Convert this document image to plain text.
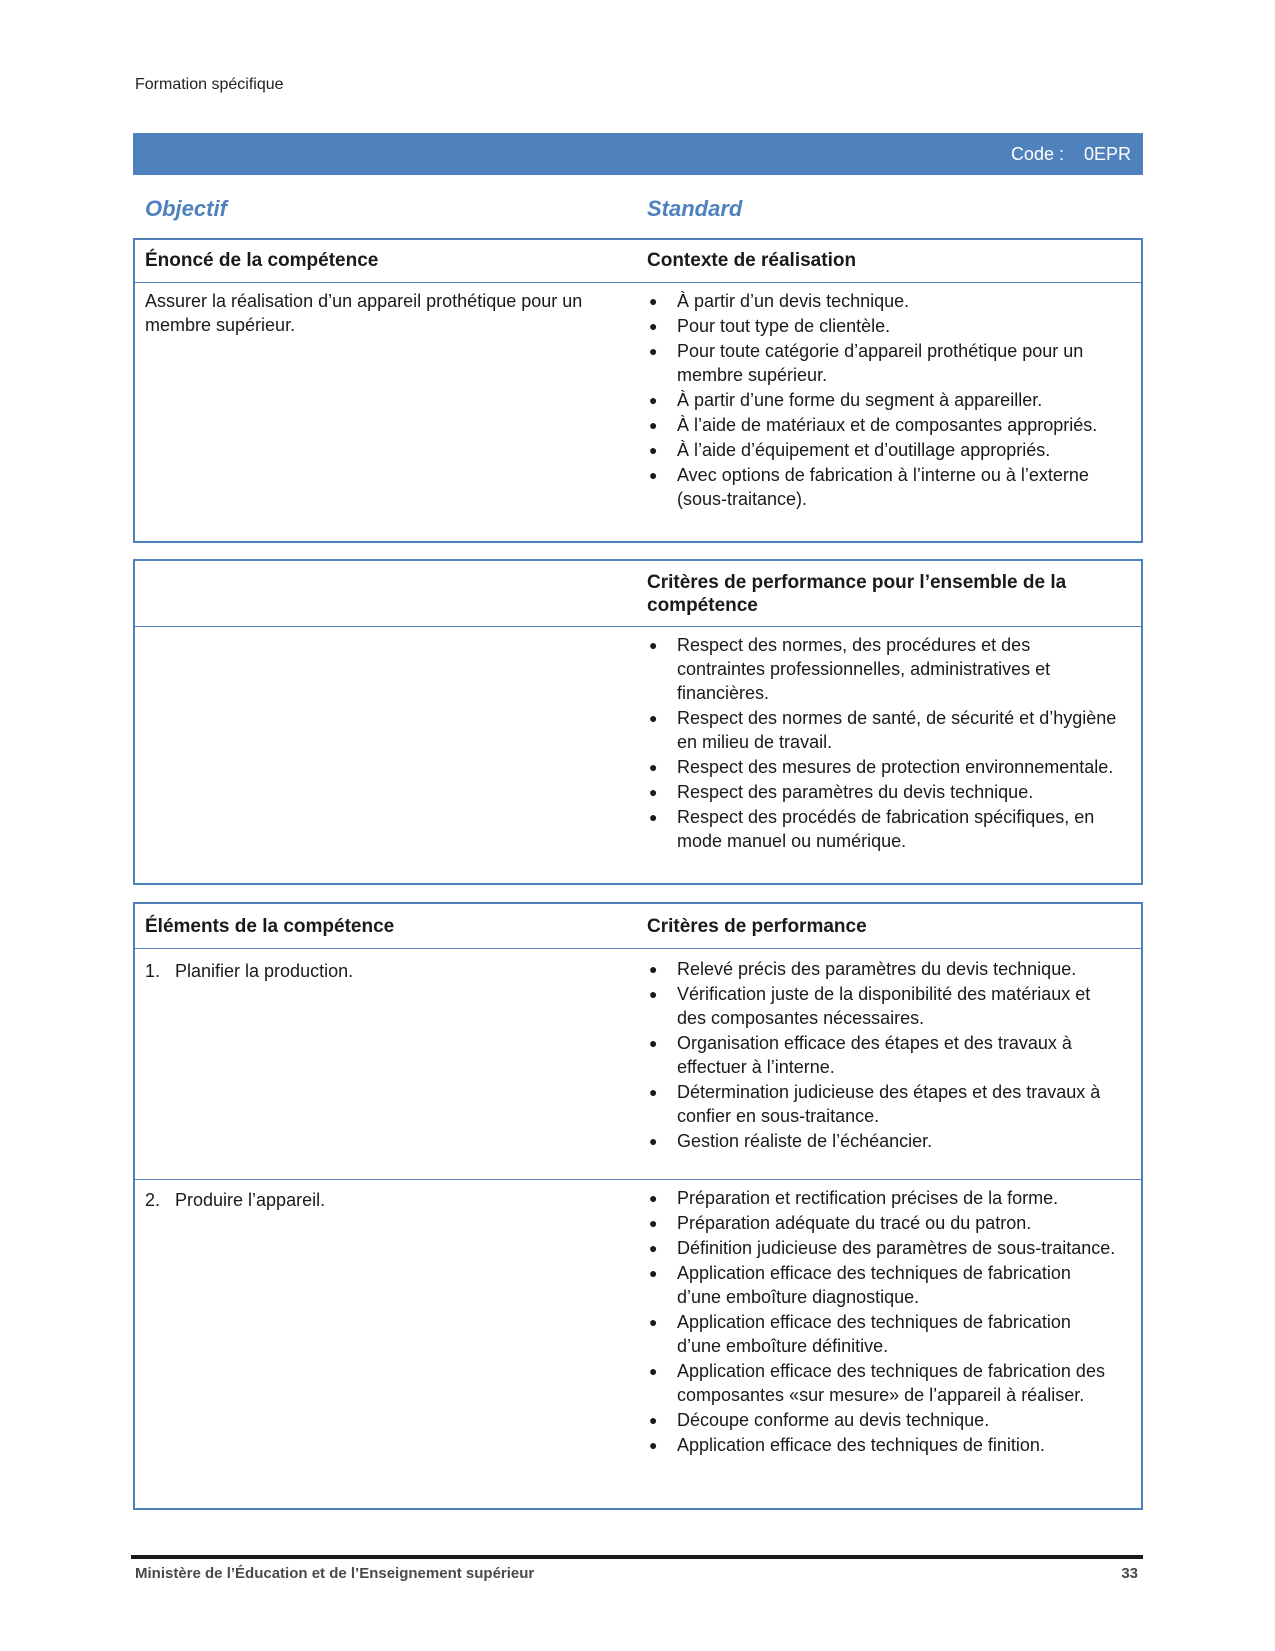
Formation spécifique
Code :    0EPR
Objectif	Standard
Énoncé de la compétence	Contexte de réalisation
Assurer la réalisation d’un appareil prothétique pour un membre supérieur.
● À partir d’un devis technique.
● Pour tout type de clientèle.
● Pour toute catégorie d’appareil prothétique pour un membre supérieur.
● À partir d’une forme du segment à appareiller.
● À l’aide de matériaux et de composantes appropriés.
● À l’aide d’équipement et d’outillage appropriés.
● Avec options de fabrication à l’interne ou à l’externe (sous-traitance).
Critères de performance pour l’ensemble de la compétence
● Respect des normes, des procédures et des contraintes professionnelles, administratives et financières.
● Respect des normes de santé, de sécurité et d’hygiène en milieu de travail.
● Respect des mesures de protection environnementale.
● Respect des paramètres du devis technique.
● Respect des procédés de fabrication spécifiques, en mode manuel ou numérique.
Éléments de la compétence	Critères de performance
1. Planifier la production.	● Relevé précis des paramètres du devis technique.
● Vérification juste de la disponibilité des matériaux et des composantes nécessaires.
● Organisation efficace des étapes et des travaux à effectuer à l’interne.
● Détermination judicieuse des étapes et des travaux à confier en sous-traitance.
● Gestion réaliste de l’échéancier.
2. Produire l’appareil.	● Préparation et rectification précises de la forme.
● Préparation adéquate du tracé ou du patron.
● Définition judicieuse des paramètres de sous-traitance.
● Application efficace des techniques de fabrication d’une emboîture diagnostique.
● Application efficace des techniques de fabrication d’une emboîture définitive.
● Application efficace des techniques de fabrication des composantes «sur mesure» de l’appareil à réaliser.
● Découpe conforme au devis technique.
● Application efficace des techniques de finition.
Ministère de l’Éducation et de l’Enseignement supérieur	33
